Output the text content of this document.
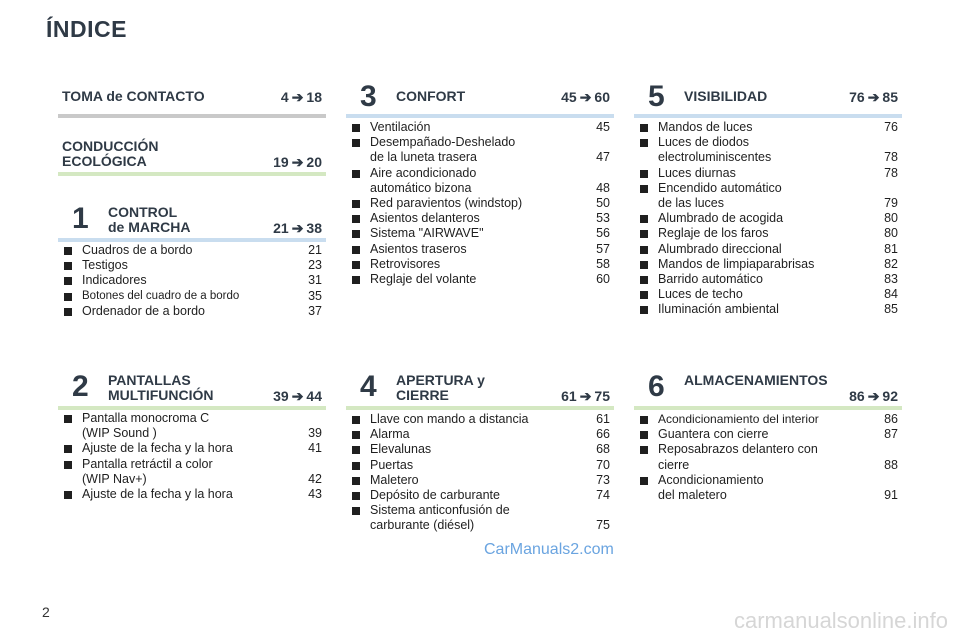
ÍNDICE
TOMA de CONTACTO	4 ➔ 18
CONDUCCIÓN
ECOLÓGICA	19 ➔ 20
1 CONTROL
de MARCHA	21 ➔ 38
Cuadros de a bordo	21
Testigos	23
Indicadores	31
Botones del cuadro de a bordo	35
Ordenador de a bordo	37
2 PANTALLAS
MULTIFUNCIÓN	39 ➔ 44
Pantalla monocroma C
(WIP Sound )	39
Ajuste de la fecha y la hora	41
Pantalla retráctil a color
(WIP Nav+)	42
Ajuste de la fecha y la hora	43
3 CONFORT	45 ➔ 60
Ventilación	45
Desempañado-Deshelado
de la luneta trasera	47
Aire acondicionado
automático bizona	48
Red paravientos (windstop)	50
Asientos delanteros	53
Sistema "AIRWAVE"	56
Asientos traseros	57
Retrovisores	58
Reglaje del volante	60
4 APERTURA y
CIERRE	61 ➔ 75
Llave con mando a distancia	61
Alarma	66
Elevalunas	68
Puertas	70
Maletero	73
Depósito de carburante	74
Sistema anticonfusión de
carburante (diésel)	75
5 VISIBILIDAD	76 ➔ 85
Mandos de luces	76
Luces de diodos
electroluminiscentes	78
Luces diurnas	78
Encendido automático
de las luces	79
Alumbrado de acogida	80
Reglaje de los faros	80
Alumbrado direccional	81
Mandos de limpiaparabrisas	82
Barrido automático	83
Luces de techo	84
Iluminación ambiental	85
6 ALMACENAMIENTOS
86 ➔ 92
Acondicionamiento del interior	86
Guantera con cierre	87
Reposabrazos delantero con
cierre	88
Acondicionamiento
del maletero	91
CarManuals2.com
2	carmanualsonline.info
